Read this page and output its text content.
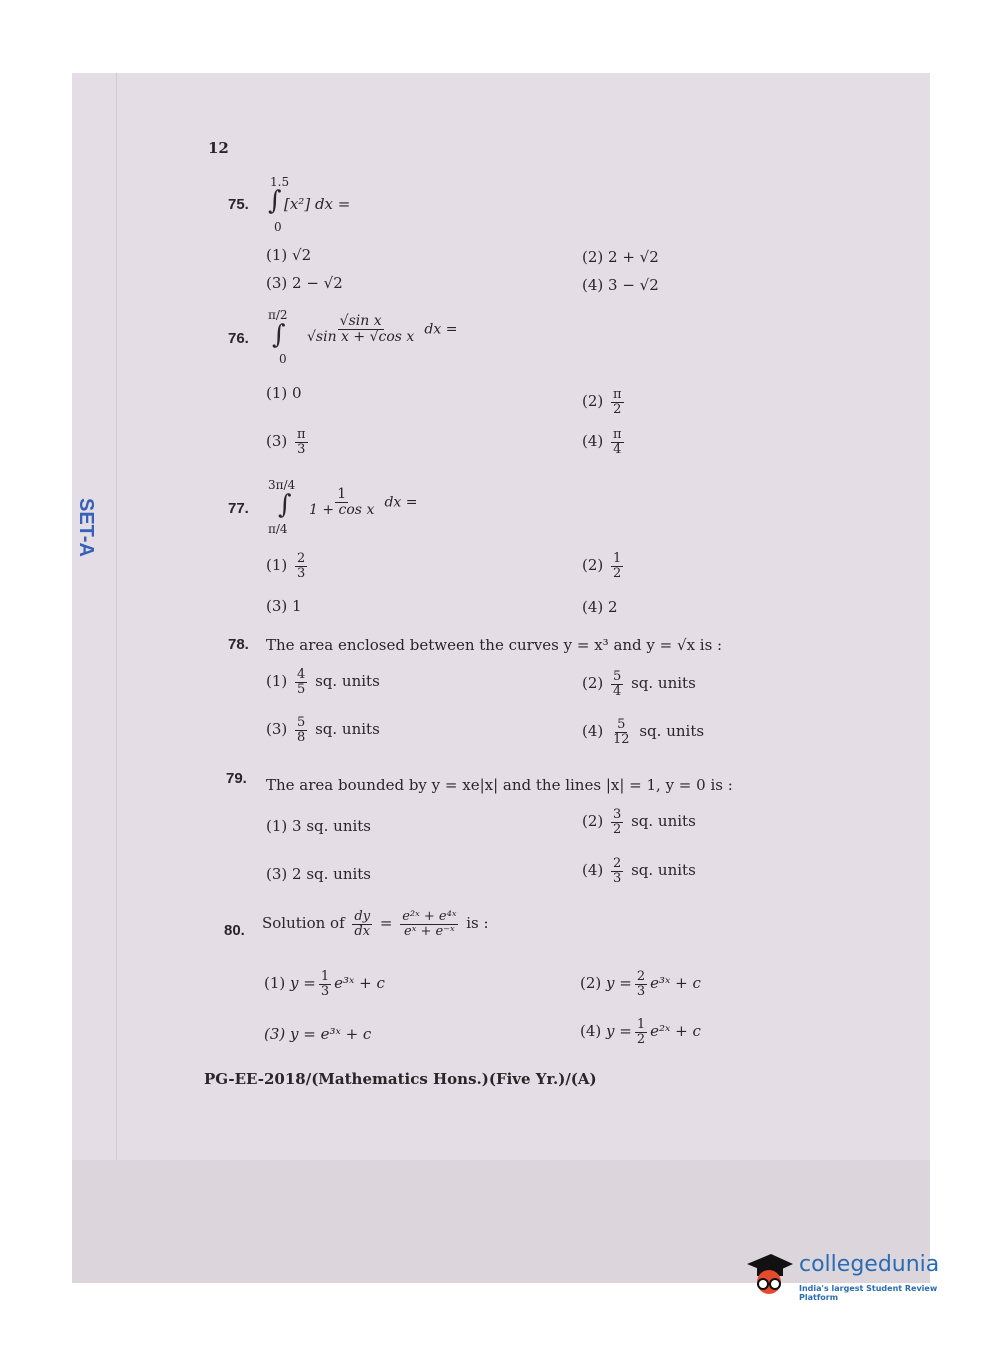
SET-A
12
75.
1.5
∫
0
[x²] dx =
(1) √2	(2) 2 + √2
(3) 2 − √2	(4) 3 − √2
76.
π/2
∫
0
$\frac{\text{√sin x}}{\text{√sin x + √cos x}}$ dx =
(1) 0	$(2) \frac{\pi}{2}$
$(3) \frac{\pi}{3}$	$(4) \frac{\pi}{4}$
77.
3π/4
∫
π/4
$\frac{1}{\text{1 + cos x}}$ dx =
$(1) \frac{2}{3}$	$(2) \frac{1}{2}$
(3) 1	(4) 2
78. The area enclosed between the curves y = x³ and y = √x is :
$(1) \frac{4}{5}$ sq. units	$(2) \frac{5}{4}$ sq. units
$(3) \frac{5}{8}$ sq. units	$(4) \frac{5}{12}$ sq. units
79. The area bounded by y = xe|x| and the lines |x| = 1, y = 0 is :
(1) 3 sq. units	$(2) \frac{3}{2}$ sq. units
(3) 2 sq. units	$(4) \frac{2}{3}$ sq. units
80. Solution of $\frac{dy}{dx} = \frac{\text{e²ˣ + e⁴ˣ}}{\text{eˣ + e⁻ˣ}}$ is :
(1) $y = \frac{1}{3}$ e³ˣ + c	(2) $y = \frac{2}{3}$ e³ˣ + c
(3) y = e³ˣ + c	(4) $y = \frac{1}{2}$ e²ˣ + c
PG-EE-2018/(Mathematics Hons.)(Five Yr.)/(A)
collegedunia
India's largest Student Review Platform
